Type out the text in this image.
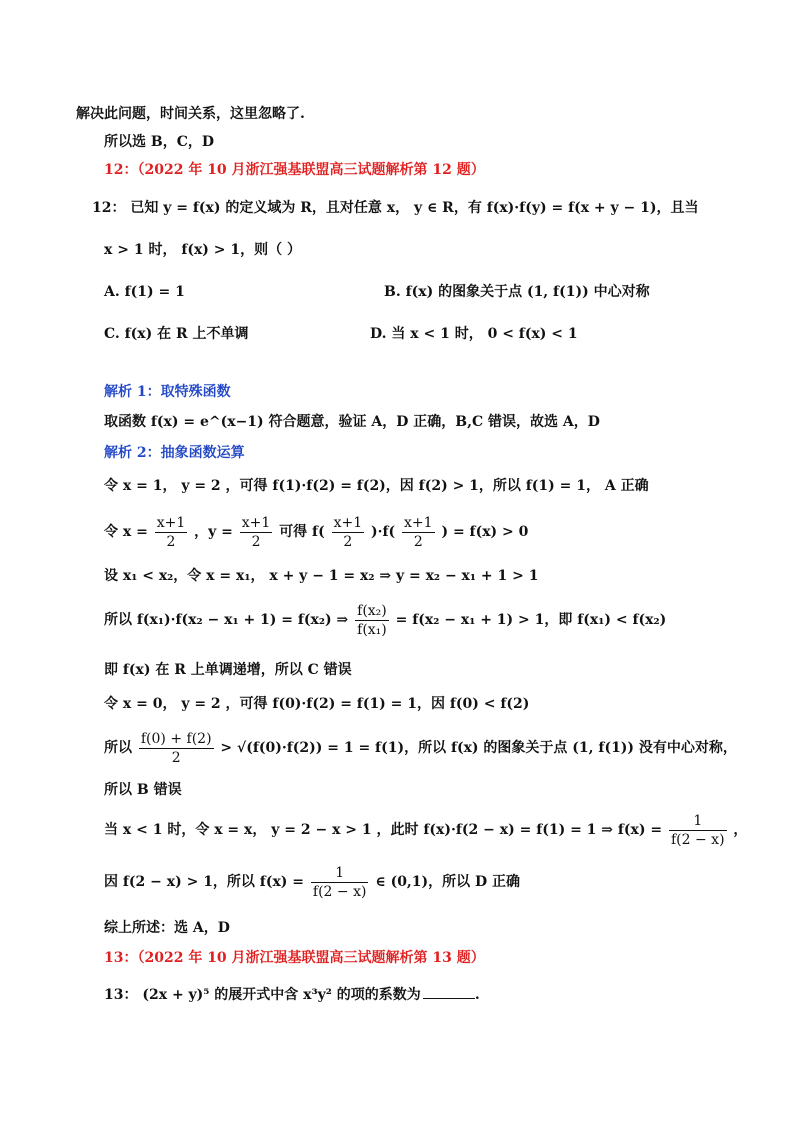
解决此问题，时间关系，这里忽略了.
所以选 B，C，D
12：（2022 年 10 月浙江强基联盟高三试题解析第 12 题）
12： 已知 y = f(x) 的定义域为 R，且对任意 x， y ∈ R，有 f(x)·f(y) = f(x + y − 1)，且当
x > 1 时， f(x) > 1，则（ ）
A. f(1) = 1	B. f(x) 的图象关于点 (1, f(1)) 中心对称
C. f(x) 在 R 上不单调	D. 当 x < 1 时， 0 < f(x) < 1
解析 1：取特殊函数
取函数 f(x) = e^(x−1) 符合题意，验证 A，D 正确，B,C 错误，故选 A，D
解析 2：抽象函数运算
令 x = 1， y = 2 ，可得 f(1)·f(2) = f(2)，因 f(2) > 1，所以 f(1) = 1， A 正确
令 $x = \frac{x+1}{2}$ ，$y = \frac{x+1}{2}$ 可得 $f( \frac{x+1}{2} )\cdot f( \frac{x+1}{2}$ ) = f(x) > 0
设 x₁ < x₂，令 x = x₁， x + y − 1 = x₂ ⇒ y = x₂ − x₁ + 1 > 1
所以 f(x₁)·f(x₂ − x₁ + 1) = f(x₂) ⇒ $\frac{\text{f(x₂)}}{\text{f(x₁)}} = f(x_2 - x_1 + 1) > 1$，即 f(x₁) < f(x₂)
即 f(x) 在 R 上单调递增，所以 C 错误
令 x = 0， y = 2 ，可得 f(0)·f(2) = f(1) = 1，因 f(0) < f(2)
所以 $\frac{f(0) + f(2)}{2} > √(f(0)\cdot f(2)) = 1 = f(1)$，所以 f(x) 的图象关于点 (1, f(1)) 没有中心对称，
所以 B 错误
当 x < 1 时，令 x = x， y = 2 − x > 1 ，此时 f(x)·f(2 − x) = f(1) = 1 ⇒ $f(x) = \frac{1}{f(2 - x)}$ ，
因 f(2 − x) > 1，所以 $f(x) = \frac{1}{f(2 - x)}$ ∈ (0,1)，所以 D 正确
综上所述：选 A，D
13：（2022 年 10 月浙江强基联盟高三试题解析第 13 题）
13： (2x + y)⁵ 的展开式中含 x³y² 的项的系数为	.
